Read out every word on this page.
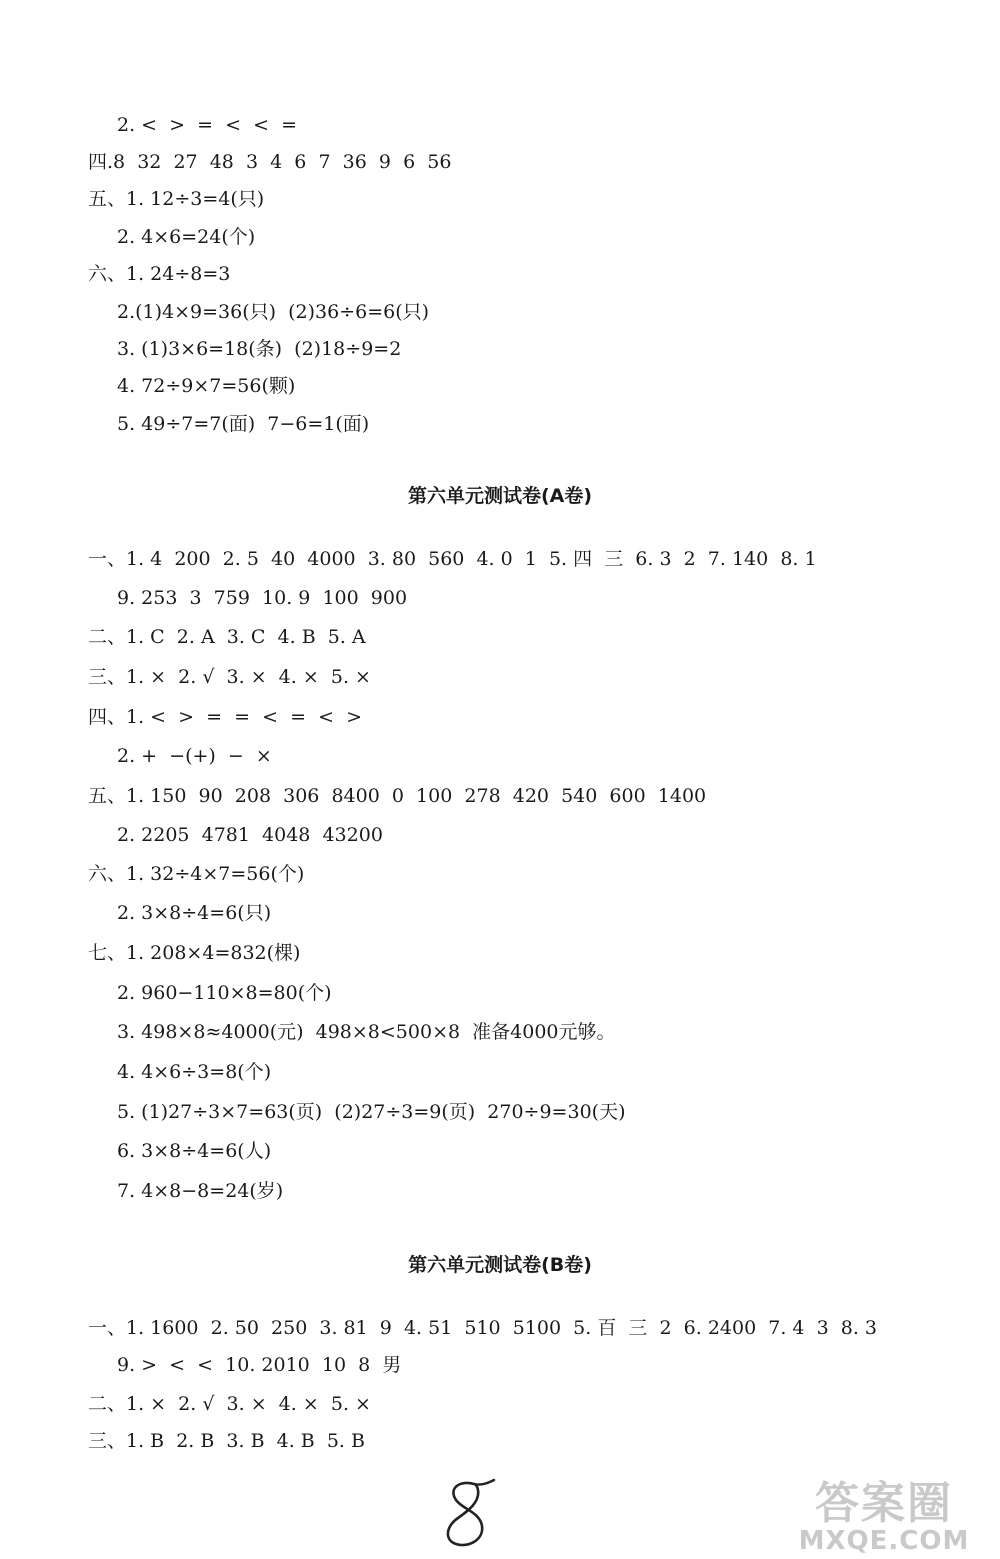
2. <  >  =  <  <  =
四.8  32  27  48  3  4  6  7  36  9  6  56
五、1. 12÷3=4(只)
2. 4×6=24(个)
六、1. 24÷8=3
2.(1)4×9=36(只)  (2)36÷6=6(只)
3. (1)3×6=18(条)  (2)18÷9=2
4. 72÷9×7=56(颗)
5. 49÷7=7(面)  7−6=1(面)
第六单元测试卷(A卷)
一、1. 4  200  2. 5  40  4000  3. 80  560  4. 0  1  5. 四  三  6. 3  2  7. 140  8. 1
9. 253  3  759  10. 9  100  900
二、1. C  2. A  3. C  4. B  5. A
三、1. ×  2. √  3. ×  4. ×  5. ×
四、1. <  >  =  =  <  =  <  >
2. +  −(+)  −  ×
五、1. 150  90  208  306  8400  0  100  278  420  540  600  1400
2. 2205  4781  4048  43200
六、1. 32÷4×7=56(个)
2. 3×8÷4=6(只)
七、1. 208×4=832(棵)
2. 960−110×8=80(个)
3. 498×8≈4000(元)  498×8<500×8  准备4000元够。
4. 4×6÷3=8(个)
5. (1)27÷3×7=63(页)  (2)27÷3=9(页)  270÷9=30(天)
6. 3×8÷4=6(人)
7. 4×8−8=24(岁)
第六单元测试卷(B卷)
一、1. 1600  2. 50  250  3. 81  9  4. 51  510  5100  5. 百  三  2  6. 2400  7. 4  3  8. 3
9. >  <  <  10. 2010  10  8  男
二、1. ×  2. √  3. ×  4. ×  5. ×
三、1. B  2. B  3. B  4. B  5. B
答案圈
MXQE.COM
